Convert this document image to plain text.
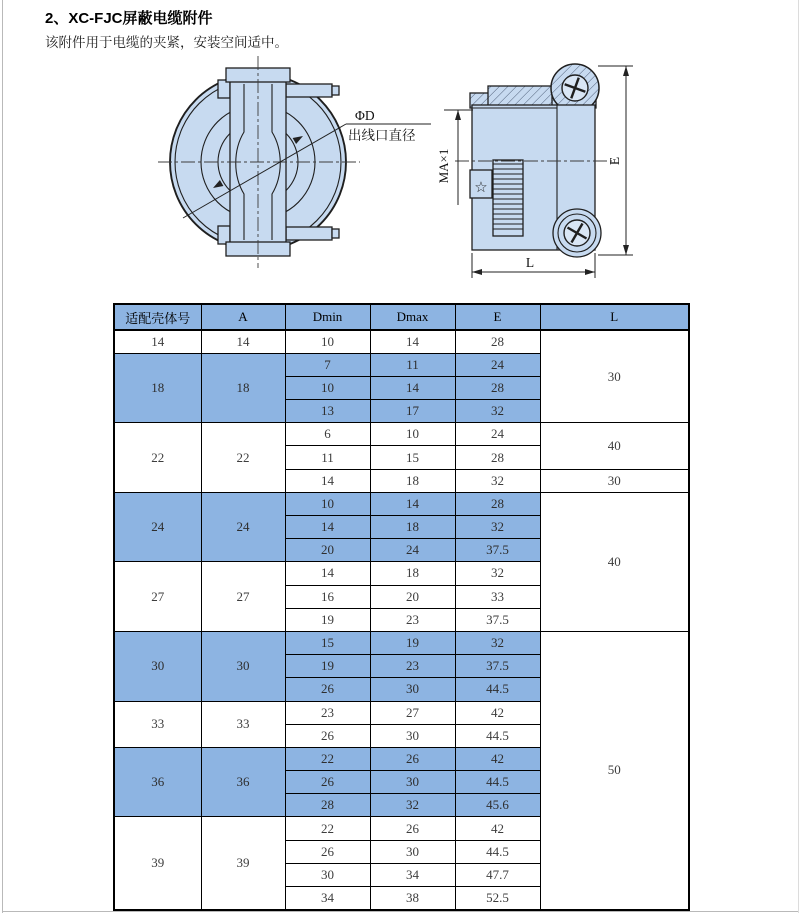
2、XC-FJC屏蔽电缆附件

该附件用于电缆的夹紧，安装空间适中。

ΦD
出线口直径
☆
MA×1	E
L
适配壳体号	A	Dmin	Dmax	E	L
14	14	10	14	28	30
18	18	7	11	24	
		10	14	28	
		13	17	32	
22	22	6	10	24	40
		11	15	28	
		14	18	32	30
24	24	10	14	28	40
		14	18	32	
		20	24	37.5	
27	27	14	18	32	
		16	20	33	
		19	23	37.5	
30	30	15	19	32	50
		19	23	37.5	
		26	30	44.5	
33	33	23	27	42	
		26	30	44.5	
36	36	22	26	42	
		26	30	44.5	
		28	32	45.6	
39	39	22	26	42	
		26	30	44.5	
		30	34	47.7	
		34	38	52.5	
